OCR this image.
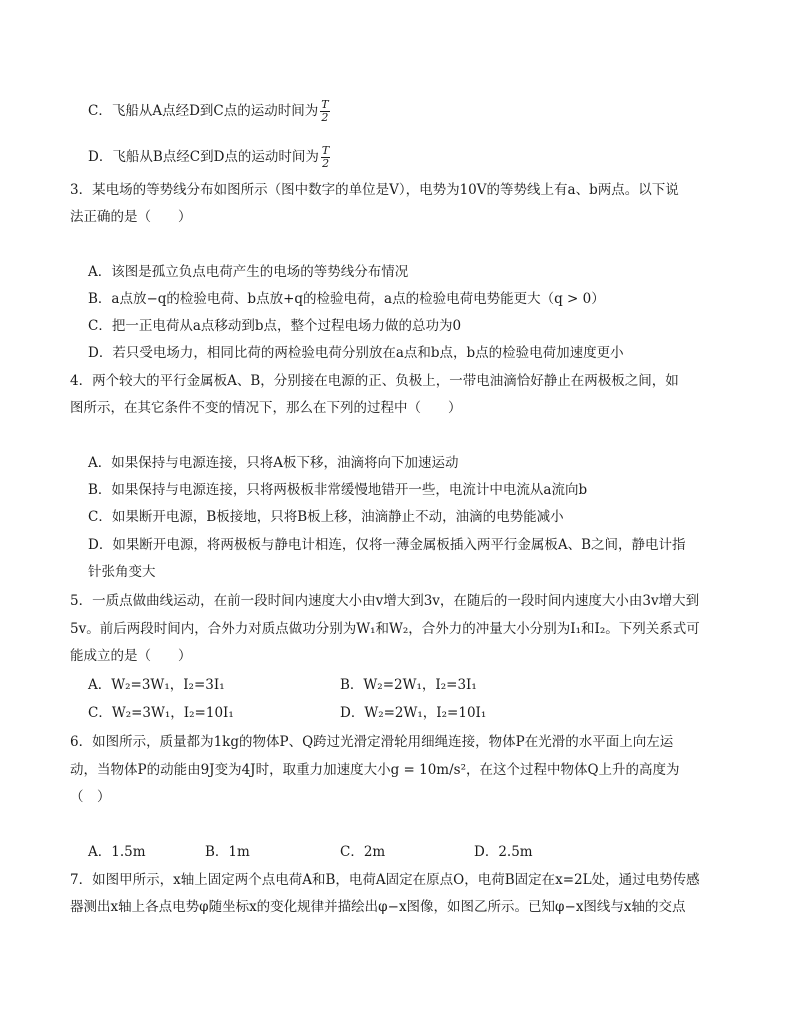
C．飞船从A点经D到C点的运动时间为 $\frac{T}{2}$
D．飞船从B点经C到D点的运动时间为 $\frac{T}{2}$
3．某电场的等势线分布如图所示（图中数字的单位是V），电势为10V的等势线上有a、b两点。以下说
法正确的是（　　）
A．该图是孤立负点电荷产生的电场的等势线分布情况
B．a点放−q的检验电荷、b点放+q的检验电荷，a点的检验电荷电势能更大（q > 0）
C．把一正电荷从a点移动到b点，整个过程电场力做的总功为0
D．若只受电场力，相同比荷的两检验电荷分别放在a点和b点，b点的检验电荷加速度更小
4．两个较大的平行金属板A、B，分别接在电源的正、负极上，一带电油滴恰好静止在两极板之间，如
图所示，在其它条件不变的情况下，那么在下列的过程中（　　）
A．如果保持与电源连接，只将A板下移，油滴将向下加速运动
B．如果保持与电源连接，只将两极板非常缓慢地错开一些，电流计中电流从a流向b
C．如果断开电源，B板接地，只将B板上移，油滴静止不动，油滴的电势能减小
D．如果断开电源，将两极板与静电计相连，仅将一薄金属板插入两平行金属板A、B之间，静电计指
针张角变大
5．一质点做曲线运动，在前一段时间内速度大小由v增大到3v，在随后的一段时间内速度大小由3v增大到
5v。前后两段时间内，合外力对质点做功分别为W₁和W₂，合外力的冲量大小分别为I₁和I₂。下列关系式可
能成立的是（　　）
A．W₂=3W₁，I₂=3I₁	B．W₂=2W₁，I₂=3I₁
C．W₂=3W₁，I₂=10I₁	D．W₂=2W₁，I₂=10I₁
6．如图所示，质量都为1kg的物体P、Q跨过光滑定滑轮用细绳连接，物体P在光滑的水平面上向左运
动，当物体P的动能由9J变为4J时，取重力加速度大小g = 10m/s²，在这个过程中物体Q上升的高度为
（　）
A．1.5m	B．1m	C．2m	D．2.5m
7．如图甲所示，x轴上固定两个点电荷A和B，电荷A固定在原点O，电荷B固定在x=2L处，通过电势传感
器测出x轴上各点电势φ随坐标x的变化规律并描绘出φ−x图像，如图乙所示。已知φ−x图线与x轴的交点
